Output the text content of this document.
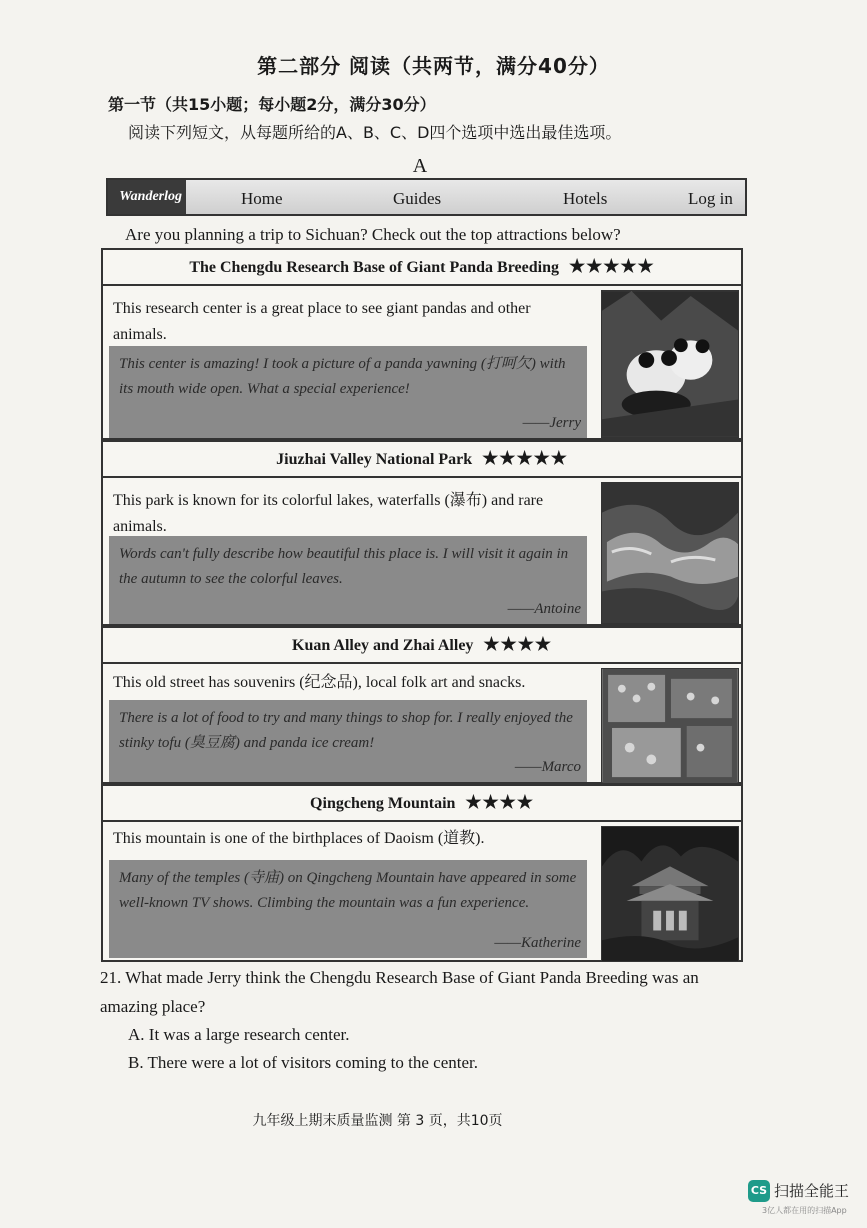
第二部分 阅读（共两节，满分40分）
第一节（共15小题；每小题2分，满分30分）
阅读下列短文，从每题所给的A、B、C、D四个选项中选出最佳选项。
A
Wanderlog	Home	Guides	Hotels	Log in
Are you planning a trip to Sichuan? Check out the top attractions below?
The Chengdu Research Base of Giant Panda Breeding ★★★★★
This research center is a great place to see giant pandas and other animals.
This center is amazing! I took a picture of a panda yawning (打呵欠) with its mouth wide open. What a special experience!
——Jerry
Jiuzhai Valley National Park ★★★★★
This park is known for its colorful lakes, waterfalls (瀑布) and rare animals.
Words can't fully describe how beautiful this place is. I will visit it again in the autumn to see the colorful leaves.
——Antoine
Kuan Alley and Zhai Alley ★★★★
This old street has souvenirs (纪念品), local folk art and snacks.
There is a lot of food to try and many things to shop for. I really enjoyed the stinky tofu (臭豆腐) and panda ice cream!
——Marco
Qingcheng Mountain ★★★★
This mountain is one of the birthplaces of Daoism (道教).
Many of the temples (寺庙) on Qingcheng Mountain have appeared in some well-known TV shows. Climbing the mountain was a fun experience.
——Katherine
21. What made Jerry think the Chengdu Research Base of Giant Panda Breeding was an
amazing place?
A. It was a large research center.
B. There were a lot of visitors coming to the center.
九年级上期末质量监测 第 3 页，共10页
CS 扫描全能王
3亿人都在用的扫描App
